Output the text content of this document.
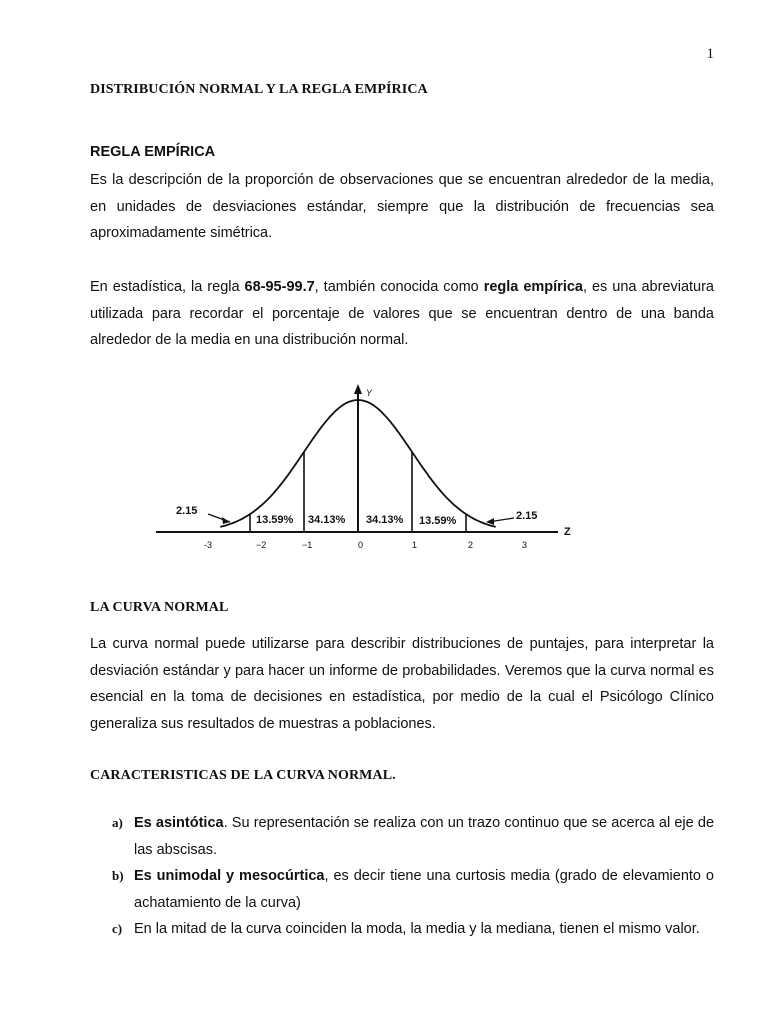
1
DISTRIBUCIÓN NORMAL Y LA REGLA EMPÍRICA
REGLA EMPÍRICA

Es la descripción de la proporción de observaciones que se encuentran alrededor de la media, en unidades de desviaciones estándar, siempre que la distribución de frecuencias sea aproximadamente simétrica.

En estadística, la regla 68-95-99.7, también conocida como regla empírica, es una abreviatura utilizada para recordar el porcentaje de valores que se encuentran dentro de una banda alrededor de la media en una distribución normal.

Y
Z
2.15	2.15
13.59% 34.13% 34.13% 13.59%
-3	−2	−1	0	1	2	3
LA CURVA NORMAL

La curva normal puede utilizarse para describir distribuciones de puntajes, para interpretar la desviación estándar y para hacer un informe de probabilidades. Veremos que la curva normal es esencial en la toma de decisiones en estadística, por medio de la cual el Psicólogo Clínico generaliza sus resultados de muestras a poblaciones.

CARACTERISTICAS DE LA CURVA NORMAL.
a) Es asintótica. Su representación se realiza con un trazo continuo que se acerca al eje de las abscisas.
b) Es unimodal y mesocúrtica, es decir tiene una curtosis media (grado de elevamiento o achatamiento de la curva)
c) En la mitad de la curva coinciden la moda, la media y la mediana, tienen el mismo valor.
